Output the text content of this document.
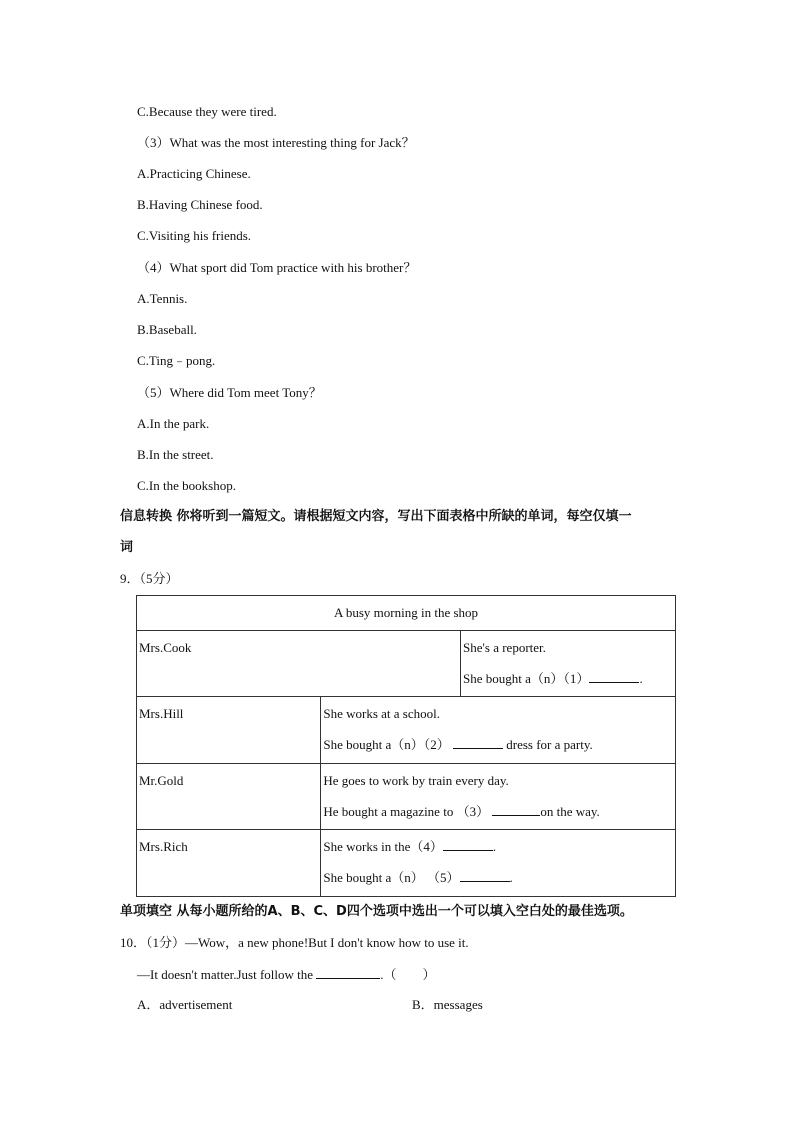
C.Because they were tired.
（3）What was the most interesting thing for Jack？
A.Practicing Chinese.
B.Having Chinese food.
C.Visiting his friends.
（4）What sport did Tom practice with his brother？
A.Tennis.
B.Baseball.
C.Ting﹣pong.
（5）Where did Tom meet Tony？
A.In the park.
B.In the street.
C.In the bookshop.
信息转换 你将听到一篇短文。请根据短文内容，写出下面表格中所缺的单词，每空仅填一
词
9．（5分）
A busy morning in the shop		

Mrs.Cook		She's a reporter.
She bought a（n）（1） .

Mrs.Hill	She works at a school.
She bought a（n）（2） dress for a party.	

Mr.Gold	He goes to work by train every day.
He bought a magazine to （3） on the way.	

Mrs.Rich	She works in the（4） .
She bought a（n） （5） .	
单项填空 从每小题所给的A、B、C、D四个选项中选出一个可以填入空白处的最佳选项。
10．（1分）—Wow，a new phone!But I don't know how to use it.
—It doesn't matter.Just follow the	.（　　）
A．advertisement	B．messages
